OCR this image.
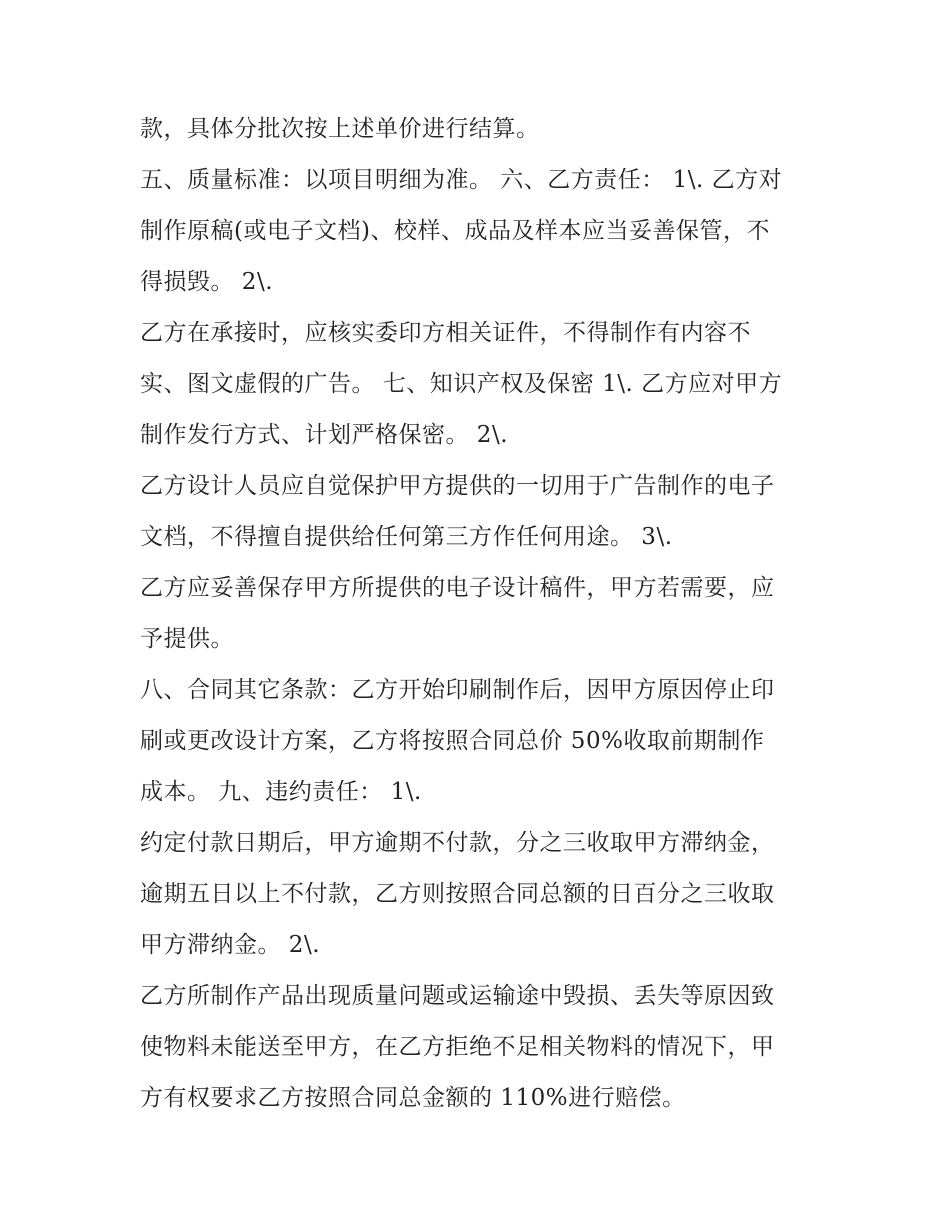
款，具体分批次按上述单价进行结算。
五、质量标准：以项目明细为准。 六、乙方责任： 1\. 乙方对
制作原稿(或电子文档)、校样、成品及样本应当妥善保管，不
得损毁。 2\.
乙方在承接时，应核实委印方相关证件，不得制作有内容不
实、图文虚假的广告。 七、知识产权及保密 1\. 乙方应对甲方
制作发行方式、计划严格保密。 2\.
乙方设计人员应自觉保护甲方提供的一切用于广告制作的电子
文档，不得擅自提供给任何第三方作任何用途。 3\.
乙方应妥善保存甲方所提供的电子设计稿件，甲方若需要，应
予提供。
八、合同其它条款：乙方开始印刷制作后，因甲方原因停止印
刷或更改设计方案，乙方将按照合同总价 50%收取前期制作
成本。 九、违约责任： 1\.
约定付款日期后，甲方逾期不付款，分之三收取甲方滞纳金，
逾期五日以上不付款，乙方则按照合同总额的日百分之三收取
甲方滞纳金。 2\.
乙方所制作产品出现质量问题或运输途中毁损、丢失等原因致
使物料未能送至甲方，在乙方拒绝不足相关物料的情况下，甲
方有权要求乙方按照合同总金额的 110%进行赔偿。
